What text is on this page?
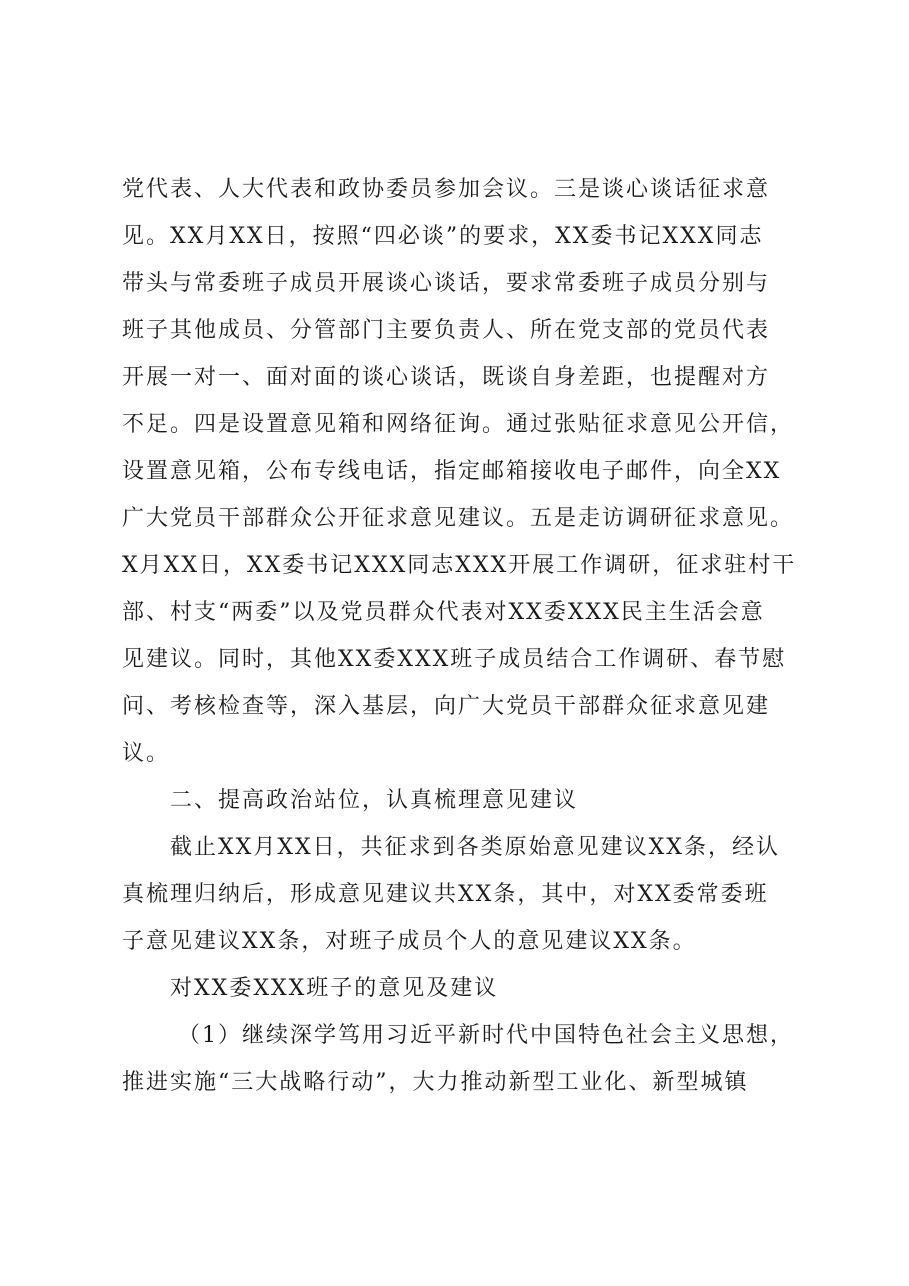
党代表、人大代表和政协委员参加会议。三是谈心谈话征求意
见。XX月XX日，按照“四必谈”的要求，XX委书记XXX同志
带头与常委班子成员开展谈心谈话，要求常委班子成员分别与
班子其他成员、分管部门主要负责人、所在党支部的党员代表
开展一对一、面对面的谈心谈话，既谈自身差距，也提醒对方
不足。四是设置意见箱和网络征询。通过张贴征求意见公开信，
设置意见箱，公布专线电话，指定邮箱接收电子邮件，向全XX
广大党员干部群众公开征求意见建议。五是走访调研征求意见。
X月XX日，XX委书记XXX同志XXX开展工作调研，征求驻村干
部、村支“两委”以及党员群众代表对XX委XXX民主生活会意
见建议。同时，其他XX委XXX班子成员结合工作调研、春节慰
问、考核检查等，深入基层，向广大党员干部群众征求意见建
议。
二、提高政治站位，认真梳理意见建议
截止XX月XX日，共征求到各类原始意见建议XX条，经认
真梳理归纳后，形成意见建议共XX条，其中，对XX委常委班
子意见建议XX条，对班子成员个人的意见建议XX条。
对XX委XXX班子的意见及建议
（1）继续深学笃用习近平新时代中国特色社会主义思想，
推进实施“三大战略行动”，大力推动新型工业化、新型城镇
